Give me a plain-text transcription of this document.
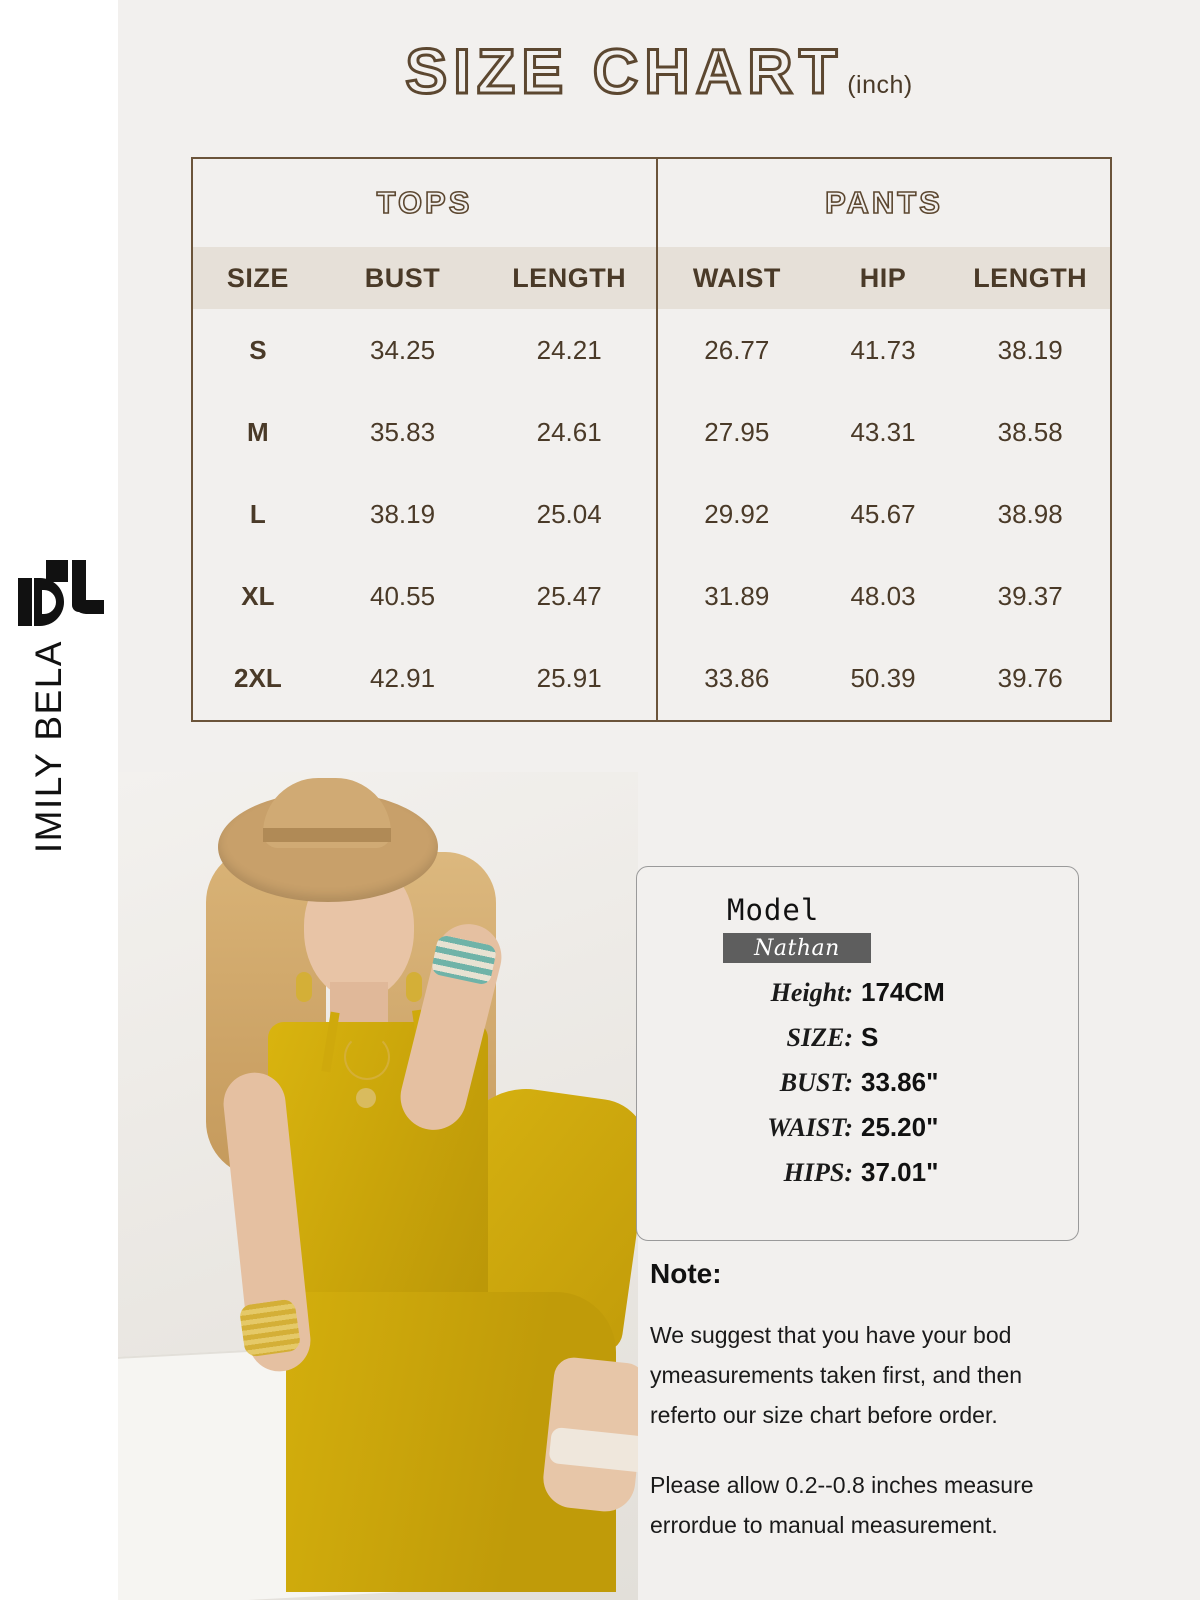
IMILY BELA
SIZE CHART (inch)
TOPS	PANTS
SIZE	BUST	LENGTH	WAIST	HIP	LENGTH
S	34.25	24.21	26.77	41.73	38.19
M	35.83	24.61	27.95	43.31	38.58
L	38.19	25.04	29.92	45.67	38.98
XL	40.55	25.47	31.89	48.03	39.37
2XL	42.91	25.91	33.86	50.39	39.76
Model
Nathan
Height: 174CM
SIZE: S
BUST: 33.86"
WAIST: 25.20"
HIPS: 37.01"
Note:

We suggest that you have your bod ymeasurements taken first, and then referto our size chart before order.

Please allow 0.2--0.8 inches measure errordue to manual measurement.
